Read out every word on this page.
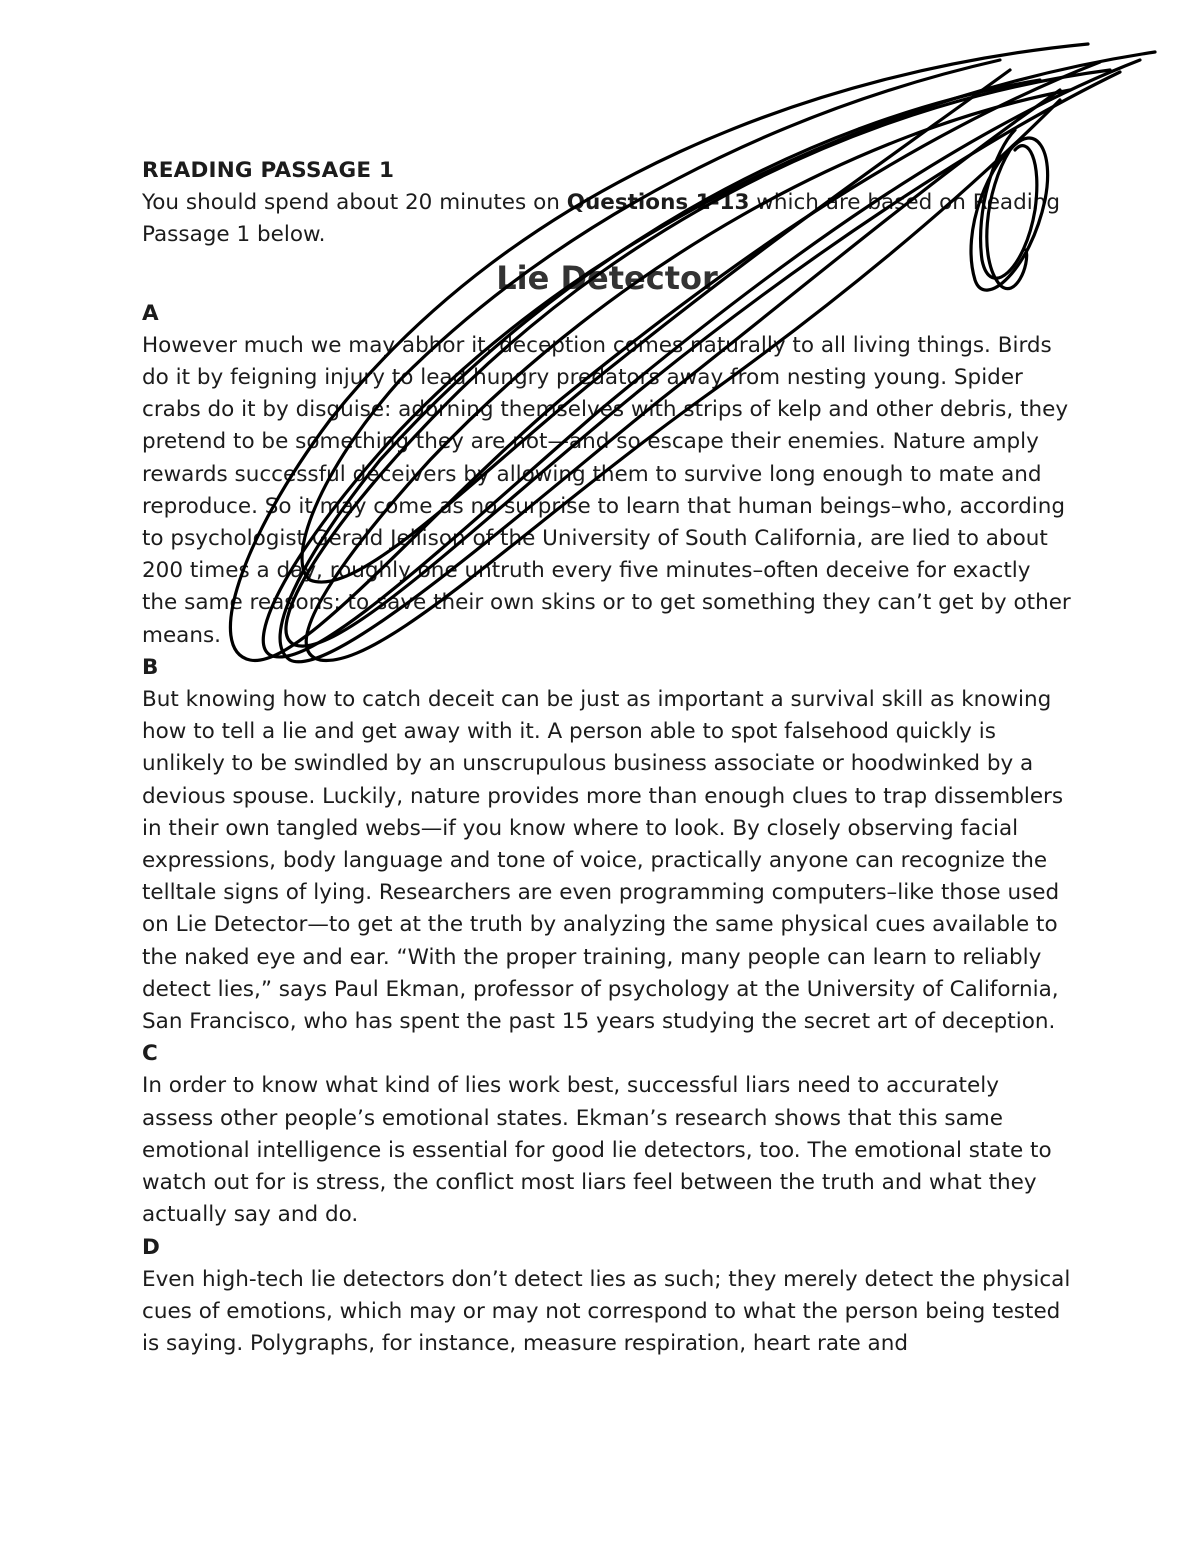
READING PASSAGE 1

You should spend about 20 minutes on Questions 1-13 which are based on Reading Passage 1 below.

Lie Detector

A

However much we may abhor it, deception comes naturally to all living things. Birds do it by feigning injury to lead hungry predators away from nesting young. Spider crabs do it by disguise: adorning themselves with strips of kelp and other debris, they pretend to be something they are not—and so escape their enemies. Nature amply rewards successful deceivers by allowing them to survive long enough to mate and reproduce. So it may come as no surprise to learn that human beings–who, according to psychologist Gerald Jellison of the University of South California, are lied to about 200 times a day, roughly one untruth every five minutes–often deceive for exactly the same reasons: to save their own skins or to get something they can’t get by other means.

B

But knowing how to catch deceit can be just as important a survival skill as knowing how to tell a lie and get away with it. A person able to spot falsehood quickly is unlikely to be swindled by an unscrupulous business associate or hoodwinked by a devious spouse. Luckily, nature provides more than enough clues to trap dissemblers in their own tangled webs—if you know where to look. By closely observing facial expressions, body language and tone of voice, practically anyone can recognize the telltale signs of lying. Researchers are even programming computers–like those used on Lie Detector—to get at the truth by analyzing the same physical cues available to the naked eye and ear. “With the proper training, many people can learn to reliably detect lies,” says Paul Ekman, professor of psychology at the University of California, San Francisco, who has spent the past 15 years studying the secret art of deception.

C

In order to know what kind of lies work best, successful liars need to accurately assess other people’s emotional states. Ekman’s research shows that this same emotional intelligence is essential for good lie detectors, too. The emotional state to watch out for is stress, the conflict most liars feel between the truth and what they actually say and do.

D

Even high-tech lie detectors don’t detect lies as such; they merely detect the physical cues of emotions, which may or may not correspond to what the person being tested is saying. Polygraphs, for instance, measure respiration, heart rate and
